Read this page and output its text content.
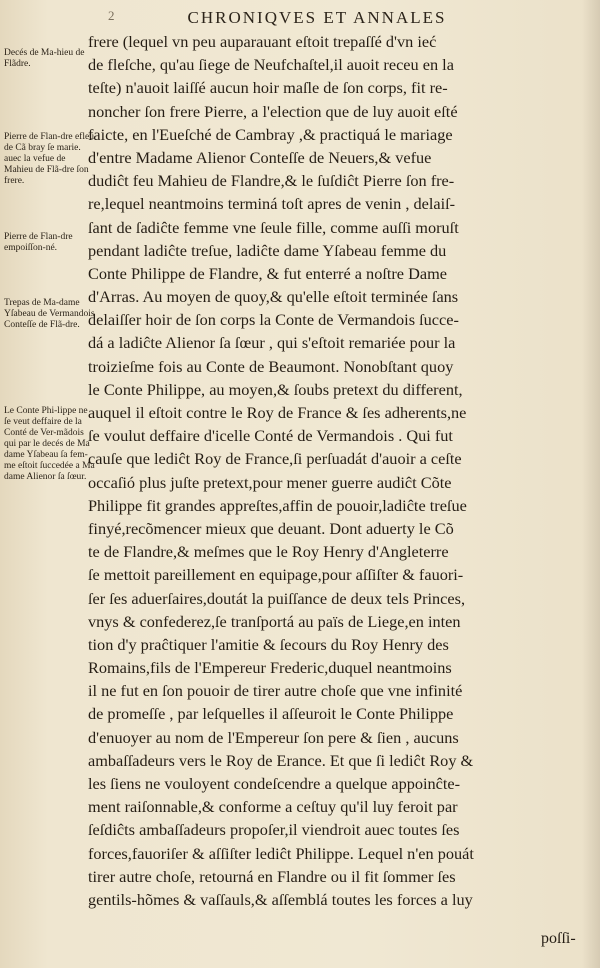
2	CHRONIQVES ET ANNALES
Decés de Ma-hieu de Flãdre.
Pierre de Flan-dre efleu de Cã bray ſe marie. auec la vefue de Mahieu de Flã-dre ſon frere.
Pierre de Flan-dre empoiſſon-né.
Trepas de Ma-dame Yſabeau de Vermandois Conteſſe de Flã-dre.
Le Conte Phi-lippe ne ſe veut deffaire de la Conté de Ver-mãdois qui par le decés de Ma dame Yſabeau ſa fem-me eſtoit ſuccedée a Ma dame Alienor ſa ſœur.
frere (lequel vn peu auparauant eſtoit trepaſſé d'vn ieć
de fleſche, qu'au ſiege de Neufchaſtel,il auoit receu en la
teſte) n'auoit laiſſé aucun hoir maſle de ſon corps, fit re-
noncher ſon frere Pierre, a l'election que de luy auoit eſté
faicte, en l'Eueſché de Cambray ,& practiquá le mariage
d'entre Madame Alienor Conteſſe de Neuers,& vefue
dudiĉt feu Mahieu de Flandre,& le ſuſdiĉt Pierre ſon fre-
re,lequel neantmoins terminá toſt apres de venin , delaiſ-
ſant de ſadiĉte femme vne ſeule fille, comme auſſi moruſt
pendant ladiĉte treſue, ladiĉte dame Yſabeau femme du
Conte Philippe de Flandre, & fut enterré a noſtre Dame
d'Arras. Au moyen de quoy,& qu'elle eſtoit terminée ſans
delaiſſer hoir de ſon corps la Conte de Vermandois ſucce-
dá a ladiĉte Alienor ſa ſœur , qui s'eſtoit remariée pour la
troizieſme fois au Conte de Beaumont. Nonobſtant quoy
le Conte Philippe, au moyen,& ſoubs pretext du different,
auquel il eſtoit contre le Roy de France & ſes adherents,ne
ſe voulut deffaire d'icelle Conté de Vermandois . Qui fut
cauſe que lediĉt Roy de France,ſi perſuadát d'auoir a ceſte
occaſió plus juſte pretext,pour mener guerre audiĉt Cõte
Philippe fit grandes appreſtes,affin de pouoir,ladiĉte treſue
finyé,recõmencer mieux que deuant. Dont aduerty le Cõ
te de Flandre,& meſmes que le Roy Henry d'Angleterre
ſe mettoit pareillement en equipage,pour aſſiſter & fauori-
ſer ſes aduerſaires,doutát la puiſſance de deux tels Princes,
vnys & confederez,ſe tranſportá au païs de Liege,en inten
tion d'y praĉtiquer l'amitie & ſecours du Roy Henry des
Romains,fils de l'Empereur Frederic,duquel neantmoins
il ne fut en ſon pouoir de tirer autre choſe que vne infinité
de promeſſe , par leſquelles il aſſeuroit le Conte Philippe
d'enuoyer au nom de l'Empereur ſon pere & ſien , aucuns
ambaſſadeurs vers le Roy de Erance. Et que ſi lediĉt Roy &
les ſiens ne vouloyent condeſcendre a quelque appoinĉte-
ment raiſonnable,& conforme a ceſtuy qu'il luy feroit par
ſeſdiĉts ambaſſadeurs propoſer,il viendroit auec toutes ſes
forces,fauoriſer & aſſiſter lediĉt Philippe. Lequel n'en pouát
tirer autre choſe, retourná en Flandre ou il fit ſommer ſes
gentils-hõmes & vaſſauls,& aſſemblá toutes les forces a luy
poſſi-
